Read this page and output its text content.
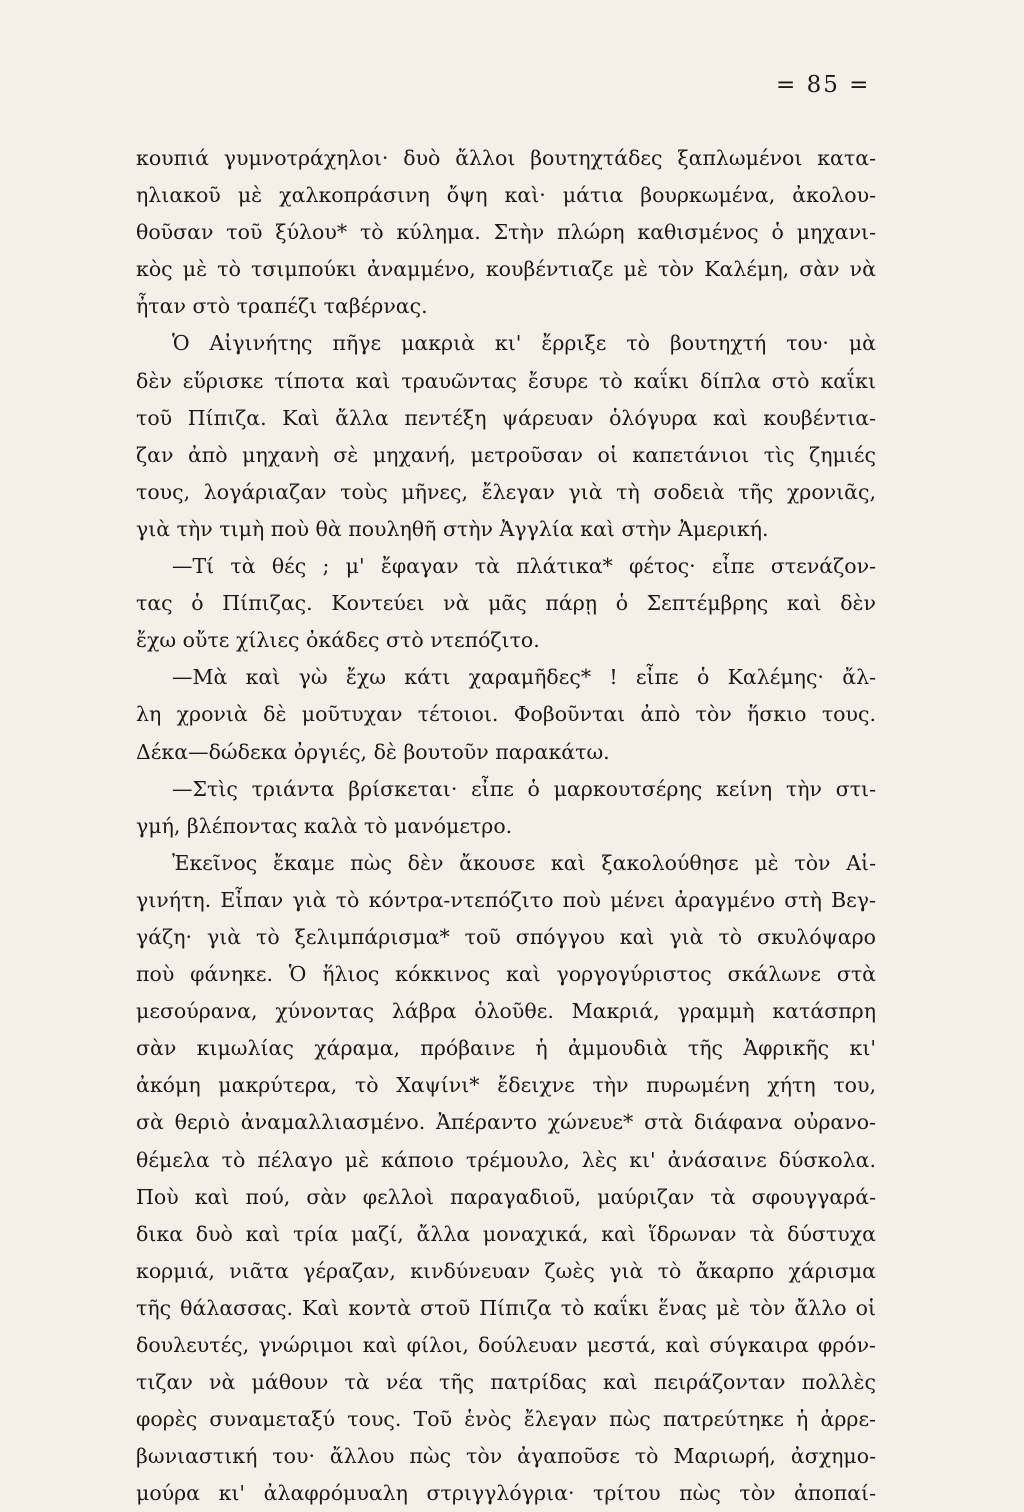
= 85 =
κουπιά γυμνοτράχηλοι· δυὸ ἄλλοι βουτηχτάδες ξαπλωμένοι κατα-
ηλιακοῦ μὲ χαλκοπράσινη ὄψη καὶ· μάτια βουρκωμένα, ἀκολου-
θοῦσαν τοῦ ξύλου* τὸ κύλημα. Στὴν πλώρη καθισμένος ὁ μηχανι-
κὸς μὲ τὸ τσιμπούκι ἀναμμένο, κουβέντιαζε μὲ τὸν Καλέμη, σὰν νὰ
ἦταν στὸ τραπέζι ταβέρνας.
Ὁ Αἰγινήτης πῆγε μακριὰ κι' ἔρριξε τὸ βουτηχτή του· μὰ
δὲν εὕρισκε τίποτα καὶ τραυῶντας ἔσυρε τὸ καΐκι δίπλα στὸ καΐκι
τοῦ Πίπιζα. Καὶ ἄλλα πεντέξη ψάρευαν ὁλόγυρα καὶ κουβέντια-
ζαν ἀπὸ μηχανὴ σὲ μηχανή, μετροῦσαν οἱ καπετάνιοι τὶς ζημιές
τους, λογάριαζαν τοὺς μῆνες, ἔλεγαν γιὰ τὴ σοδειὰ τῆς χρονιᾶς,
γιὰ τὴν τιμὴ ποὺ θὰ πουληθῆ στὴν Ἀγγλία καὶ στὴν Ἀμερική.
—Τί τὰ θές ; μ' ἔφαγαν τὰ πλάτικα* φέτος· εἶπε στενάζον-
τας ὁ Πίπιζας. Κοντεύει νὰ μᾶς πάρῃ ὁ Σεπτέμβρης καὶ δὲν
ἔχω οὔτε χίλιες ὀκάδες στὸ ντεπόζιτο.
—Μὰ καὶ γὼ ἔχω κάτι χαραμῆδες* ! εἶπε ὁ Καλέμης· ἄλ-
λη χρονιὰ δὲ μοῦτυχαν τέτοιοι. Φοβοῦνται ἀπὸ τὸν ἥσκιο τους.
Δέκα—δώδεκα ὀργιές, δὲ βουτοῦν παρακάτω.
—Στὶς τριάντα βρίσκεται· εἶπε ὁ μαρκουτσέρης κείνη τὴν στι-
γμή, βλέποντας καλὰ τὸ μανόμετρο.
Ἐκεῖνος ἔκαμε πὼς δὲν ἄκουσε καὶ ξακολούθησε μὲ τὸν Αἰ-
γινήτη. Εἶπαν γιὰ τὸ κόντρα-ντεπόζιτο ποὺ μένει ἀραγμένο στὴ Βεγ-
γάζη· γιὰ τὸ ξελιμπάρισμα* τοῦ σπόγγου καὶ γιὰ τὸ σκυλόψαρο
ποὺ φάνηκε. Ὁ ἥλιος κόκκινος καὶ γοργογύριστος σκάλωνε στὰ
μεσούρανα, χύνοντας λάβρα ὁλοῦθε. Μακριά, γραμμὴ κατάσπρη
σὰν κιμωλίας χάραμα, πρόβαινε ἡ ἀμμουδιὰ τῆς Ἀφρικῆς κι'
ἀκόμη μακρύτερα, τὸ Χαψίνι* ἔδειχνε τὴν πυρωμένη χήτη του,
σὰ θεριὸ ἀναμαλλιασμένο. Ἀπέραντο χώνευε* στὰ διάφανα οὐρανο-
θέμελα τὸ πέλαγο μὲ κάποιο τρέμουλο, λὲς κι' ἀνάσαινε δύσκολα.
Ποὺ καὶ πού, σὰν φελλοὶ παραγαδιοῦ, μαύριζαν τὰ σφουγγαρά-
δικα δυὸ καὶ τρία μαζί, ἄλλα μοναχικά, καὶ ἵδρωναν τὰ δύστυχα
κορμιά, νιᾶτα γέραζαν, κινδύνευαν ζωὲς γιὰ τὸ ἄκαρπο χάρισμα
τῆς θάλασσας. Καὶ κοντὰ στοῦ Πίπιζα τὸ καΐκι ἕνας μὲ τὸν ἄλλο οἱ
δουλευτές, γνώριμοι καὶ φίλοι, δούλευαν μεστά, καὶ σύγκαιρα φρόν-
τιζαν νὰ μάθουν τὰ νέα τῆς πατρίδας καὶ πειράζονταν πολλὲς
φορὲς συναμεταξύ τους. Τοῦ ἑνὸς ἔλεγαν πὼς πατρεύτηκε ἡ ἀρρε-
βωνιαστική του· ἄλλου πὼς τὸν ἀγαποῦσε τὸ Μαριωρή, ἀσχημο-
μούρα κι' ἀλαφρόμυαλη στριγγλόγρια· τρίτου πὼς τὸν ἀποπαί-
